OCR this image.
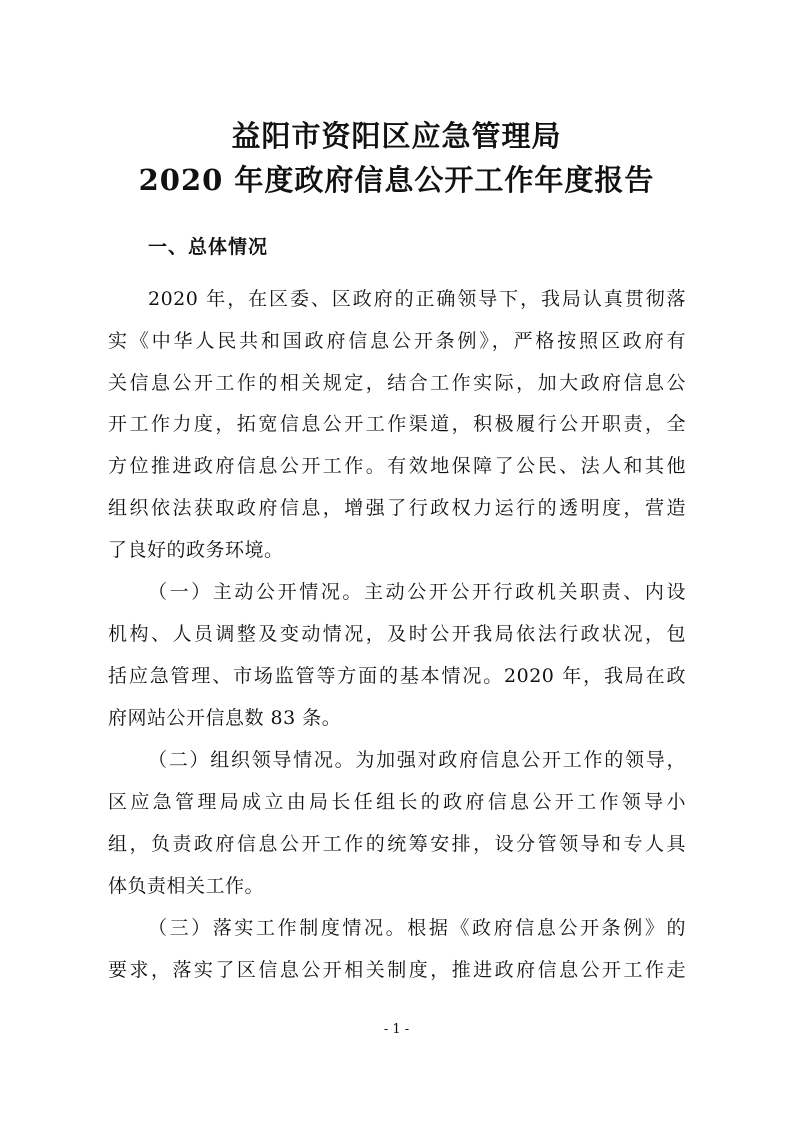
益阳市资阳区应急管理局
2020 年度政府信息公开工作年度报告
一、总体情况
2020 年，在区委、区政府的正确领导下，我局认真贯彻落
实《中华人民共和国政府信息公开条例》，严格按照区政府有
关信息公开工作的相关规定，结合工作实际，加大政府信息公
开工作力度，拓宽信息公开工作渠道，积极履行公开职责，全
方位推进政府信息公开工作。有效地保障了公民、法人和其他
组织依法获取政府信息，增强了行政权力运行的透明度，营造
了良好的政务环境。
（一）主动公开情况。主动公开公开行政机关职责、内设
机构、人员调整及变动情况，及时公开我局依法行政状况，包
括应急管理、市场监管等方面的基本情况。2020 年，我局在政
府网站公开信息数 83 条。
（二）组织领导情况。为加强对政府信息公开工作的领导，
区应急管理局成立由局长任组长的政府信息公开工作领导小
组，负责政府信息公开工作的统筹安排，设分管领导和专人具
体负责相关工作。
（三）落实工作制度情况。根据《政府信息公开条例》的
要求，落实了区信息公开相关制度，推进政府信息公开工作走
- 1 -
